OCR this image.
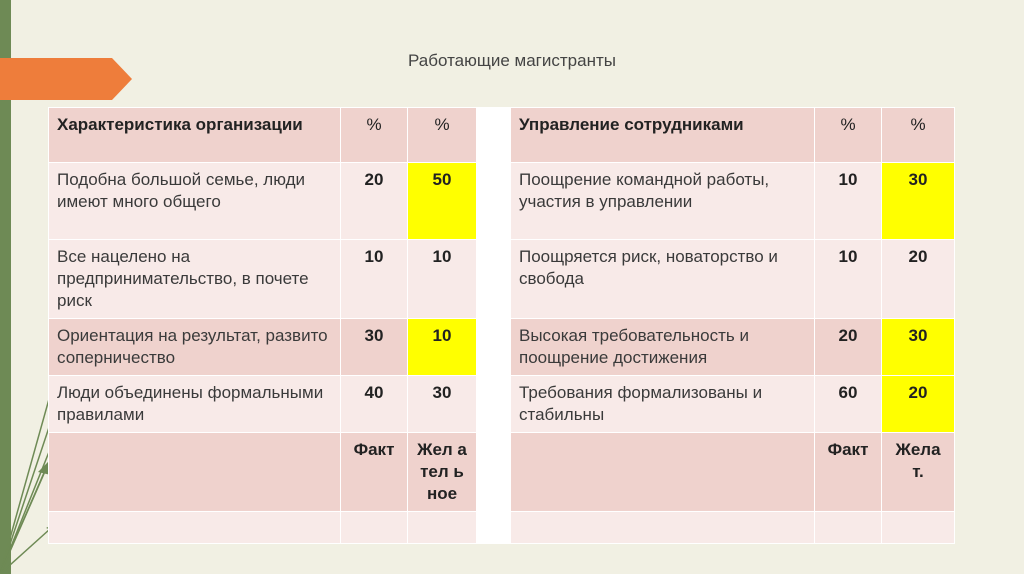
Работающие магистранты
Характеристика организации	%	%		Управление сотрудниками	%	%
Подобна большой семье, люди имеют много общего	20	50		Поощрение командной работы, участия в управлении	10	30
Все нацелено на предпринимательство, в почете риск	10	10		Поощряется риск, новаторство и свобода	10	20
Ориентация на результат, развито соперничество	30	10		Высокая требовательность и поощрение достижения	20	30
Люди объединены формальными правилами	40	30		Требования формализованы и стабильны	60	20
	Факт	Жел ател ьное			Факт	Жела т.
